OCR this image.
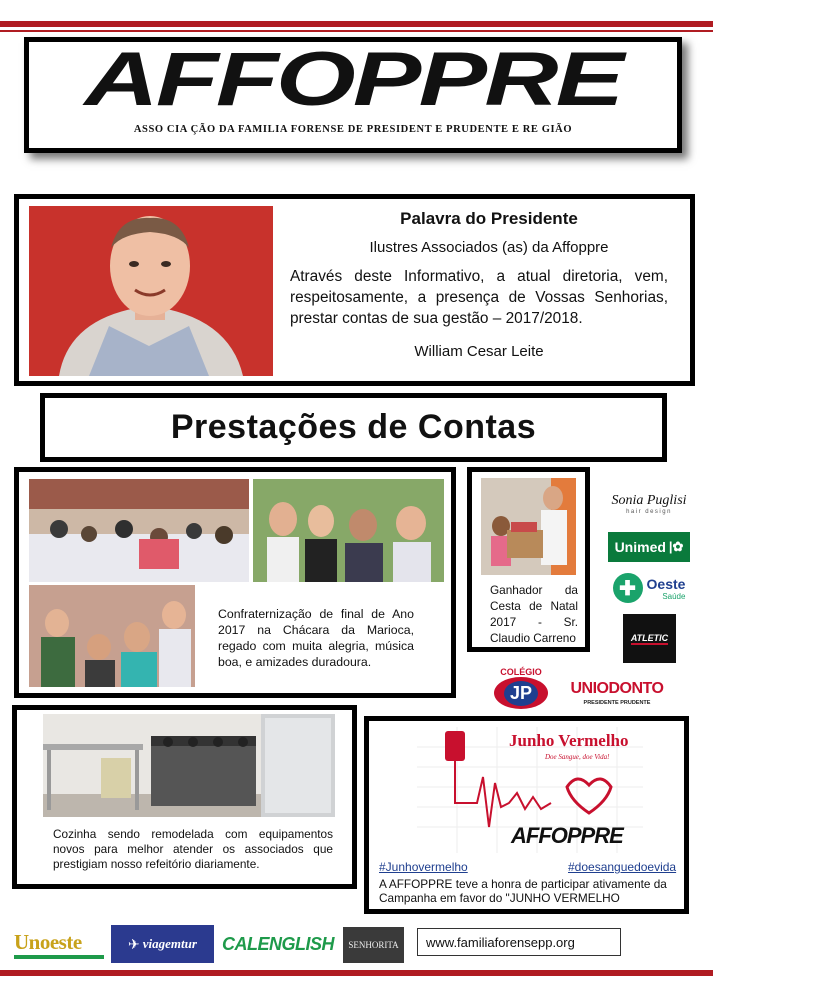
AFFOPPRE
ASSO CIA ÇÃO DA FAMILIA FORENSE DE PRESIDENT E PRUDENTE E RE GIÃO
Palavra do Presidente
Ilustres Associados (as) da Affoppre
Através deste Informativo, a atual diretoria, vem, respeitosamente, a presença de Vossas Senhorias, prestar contas de sua gestão – 2017/2018.
William Cesar Leite
Prestações de Contas
Confraternização de final de Ano 2017 na Chácara da Marioca, regado com muita alegria, música boa, e amizades duradoura.
Ganhador da Cesta de Natal 2017 - Sr. Claudio Carreno
Sonia Puglisi
hair design
Unimed |✿
✚ Oeste
Saúde
ATLETIC
COLÉGIO
JP	UNIODONTO
PRESIDENTE PRUDENTE
Cozinha sendo remodelada com equipamentos novos para melhor atender os associados que prestigiam nosso refeitório diariamente.
Junho Vermelho
Doe Sangue, doe Vida!
AFFOPPRE
#Junhovermelho	#doesanguedoevida
A AFFOPPRE teve a honra de participar ativamente da Campanha em favor do "JUNHO VERMELHO
Unoeste	✈ viagemtur CALENGLISH SENHORITA www.familiaforensepp.org
